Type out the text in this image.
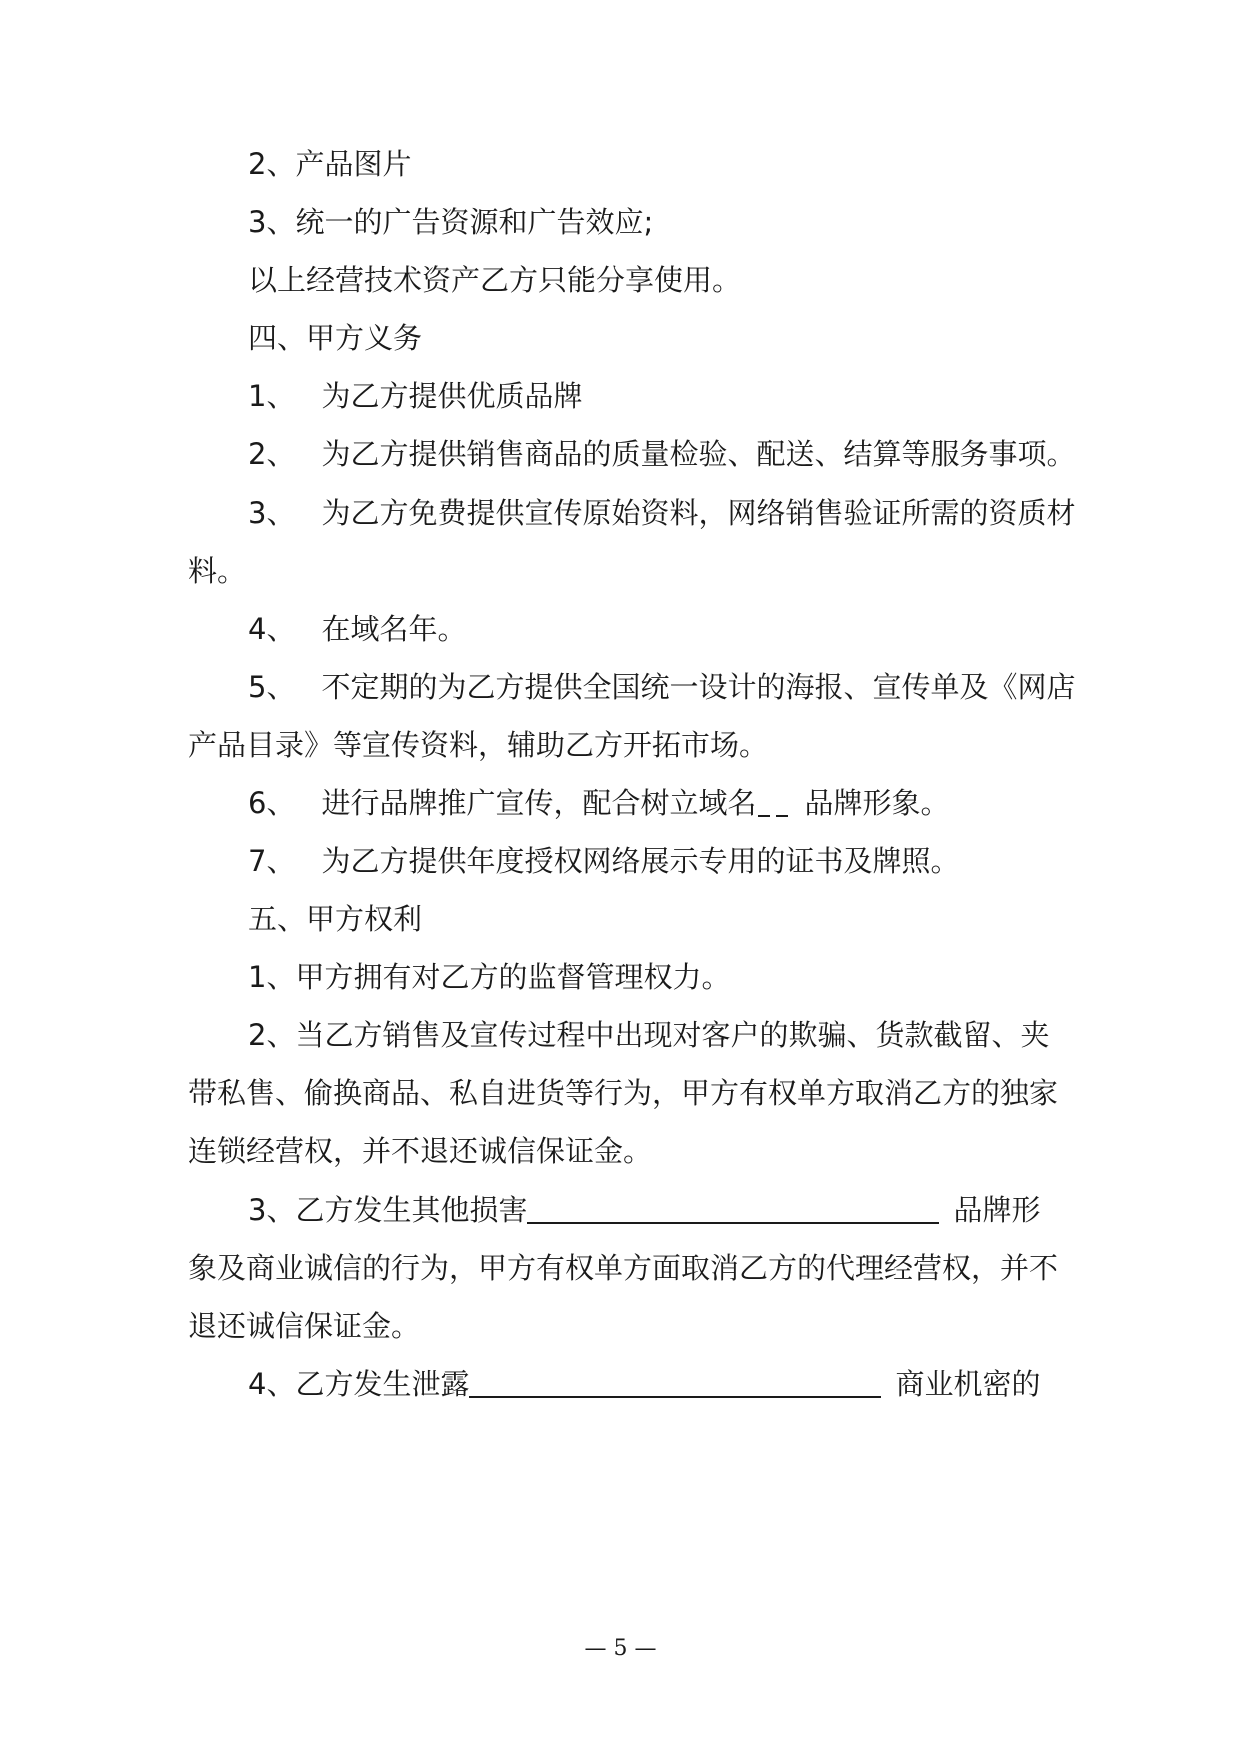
2、产品图片
3、统一的广告资源和广告效应;
以上经营技术资产乙方只能分享使用。
四、甲方义务
1、 为乙方提供优质品牌
2、 为乙方提供销售商品的质量检验、配送、结算等服务事项。
3、 为乙方免费提供宣传原始资料，网络销售验证所需的资质材
料。
4、 在域名年。
5、 不定期的为乙方提供全国统一设计的海报、宣传单及《网店
产品目录》等宣传资料，辅助乙方开拓市场。
6、 进行品牌推广宣传，配合树立域名 品牌形象。
7、 为乙方提供年度授权网络展示专用的证书及牌照。
五、甲方权利
1、甲方拥有对乙方的监督管理权力。
2、当乙方销售及宣传过程中出现对客户的欺骗、货款截留、夹
带私售、偷换商品、私自进货等行为，甲方有权单方取消乙方的独家
连锁经营权，并不退还诚信保证金。
3、乙方发生其他损害	品牌形
象及商业诚信的行为，甲方有权单方面取消乙方的代理经营权，并不
退还诚信保证金。
4、乙方发生泄露	商业机密的
— 5 —
